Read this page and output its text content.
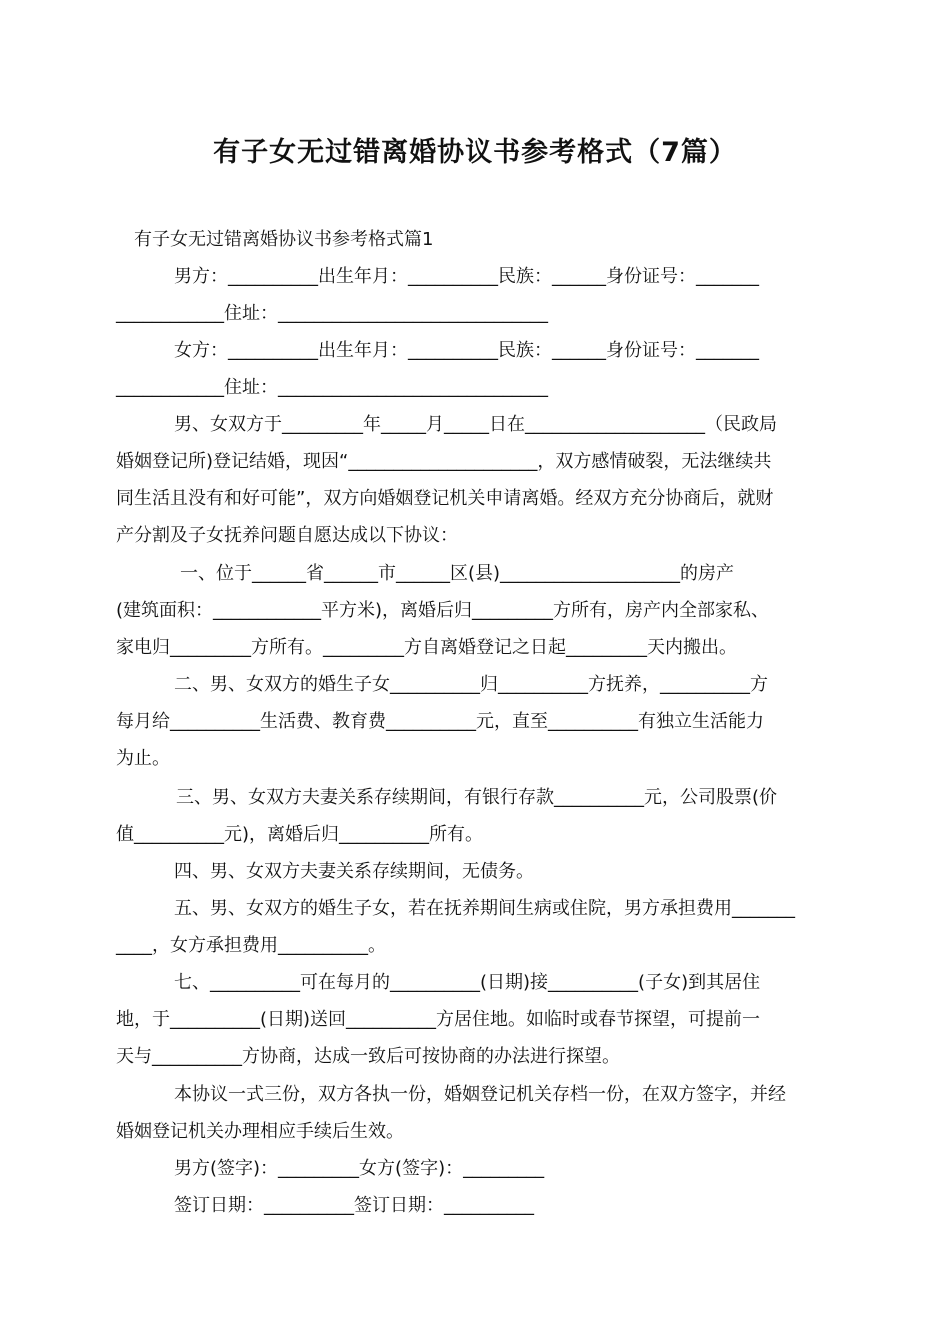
有子女无过错离婚协议书参考格式（7篇）
有子女无过错离婚协议书参考格式篇1
男方：__________出生年月：__________民族：______身份证号：_______
____________住址：______________________________
女方：__________出生年月：__________民族：______身份证号：_______
____________住址：______________________________
男、女双方于_________年_____月_____日在____________________（民政局
婚姻登记所)登记结婚，现因“_____________________，双方感情破裂，无法继续共
同生活且没有和好可能”，双方向婚姻登记机关申请离婚。经双方充分协商后，就财
产分割及子女抚养问题自愿达成以下协议：
一、位于______省______市______区(县)____________________的房产
(建筑面积：____________平方米)，离婚后归_________方所有，房产内全部家私、
家电归_________方所有。_________方自离婚登记之日起_________天内搬出。
二、男、女双方的婚生子女__________归__________方抚养，__________方
每月给__________生活费、教育费__________元，直至__________有独立生活能力
为止。
三、男、女双方夫妻关系存续期间，有银行存款__________元，公司股票(价
值__________元)，离婚后归__________所有。
四、男、女双方夫妻关系存续期间，无债务。
五、男、女双方的婚生子女，若在抚养期间生病或住院，男方承担费用_______
____，女方承担费用__________。
七、__________可在每月的__________(日期)接__________(子女)到其居住
地，于__________(日期)送回__________方居住地。如临时或春节探望，可提前一
天与__________方协商，达成一致后可按协商的办法进行探望。
本协议一式三份，双方各执一份，婚姻登记机关存档一份，在双方签字，并经
婚姻登记机关办理相应手续后生效。
男方(签字)：_________女方(签字)：_________
签订日期：__________签订日期：__________
